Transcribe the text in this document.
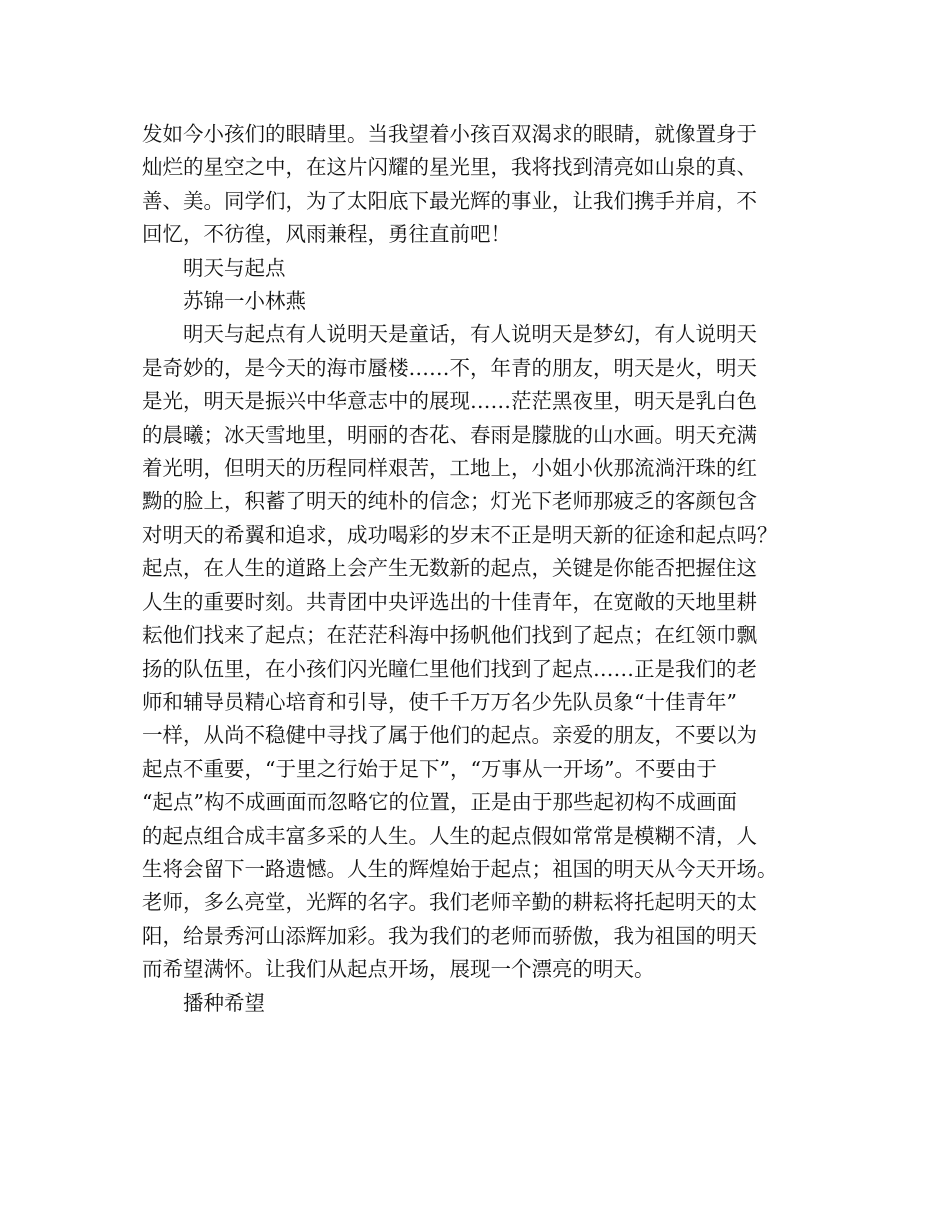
发如今小孩们的眼睛里。当我望着小孩百双渴求的眼睛，就像置身于
灿烂的星空之中，在这片闪耀的星光里，我将找到清亮如山泉的真、
善、美。同学们，为了太阳底下最光辉的事业，让我们携手并肩，不
回忆，不彷徨，风雨兼程，勇往直前吧！

明天与起点

苏锦一小林燕

明天与起点有人说明天是童话，有人说明天是梦幻，有人说明天
是奇妙的，是今天的海市蜃楼……不，年青的朋友，明天是火，明天
是光，明天是振兴中华意志中的展现……茫茫黑夜里，明天是乳白色
的晨曦；冰天雪地里，明丽的杏花、春雨是朦胧的山水画。明天充满
着光明，但明天的历程同样艰苦，工地上，小姐小伙那流淌汗珠的红
黝的脸上，积蓄了明天的纯朴的信念；灯光下老师那疲乏的客颜包含
对明天的希翼和追求，成功喝彩的岁末不正是明天新的征途和起点吗？
起点，在人生的道路上会产生无数新的起点，关键是你能否把握住这
人生的重要时刻。共青团中央评选出的十佳青年，在宽敞的天地里耕
耘他们找来了起点；在茫茫科海中扬帆他们找到了起点；在红领巾飘
扬的队伍里，在小孩们闪光瞳仁里他们找到了起点……正是我们的老
师和辅导员精心培育和引导，使千千万万名少先队员象“十佳青年”
一样，从尚不稳健中寻找了属于他们的起点。亲爱的朋友，不要以为
起点不重要，“于里之行始于足下”，“万事从一开场”。不要由于
“起点”构不成画面而忽略它的位置，正是由于那些起初构不成画面
的起点组合成丰富多采的人生。人生的起点假如常常是模糊不清，人
生将会留下一路遗憾。人生的辉煌始于起点；祖国的明天从今天开场。
老师，多么亮堂，光辉的名字。我们老师辛勤的耕耘将托起明天的太
阳，给景秀河山添辉加彩。我为我们的老师而骄傲，我为祖国的明天
而希望满怀。让我们从起点开场，展现一个漂亮的明天。

播种希望
